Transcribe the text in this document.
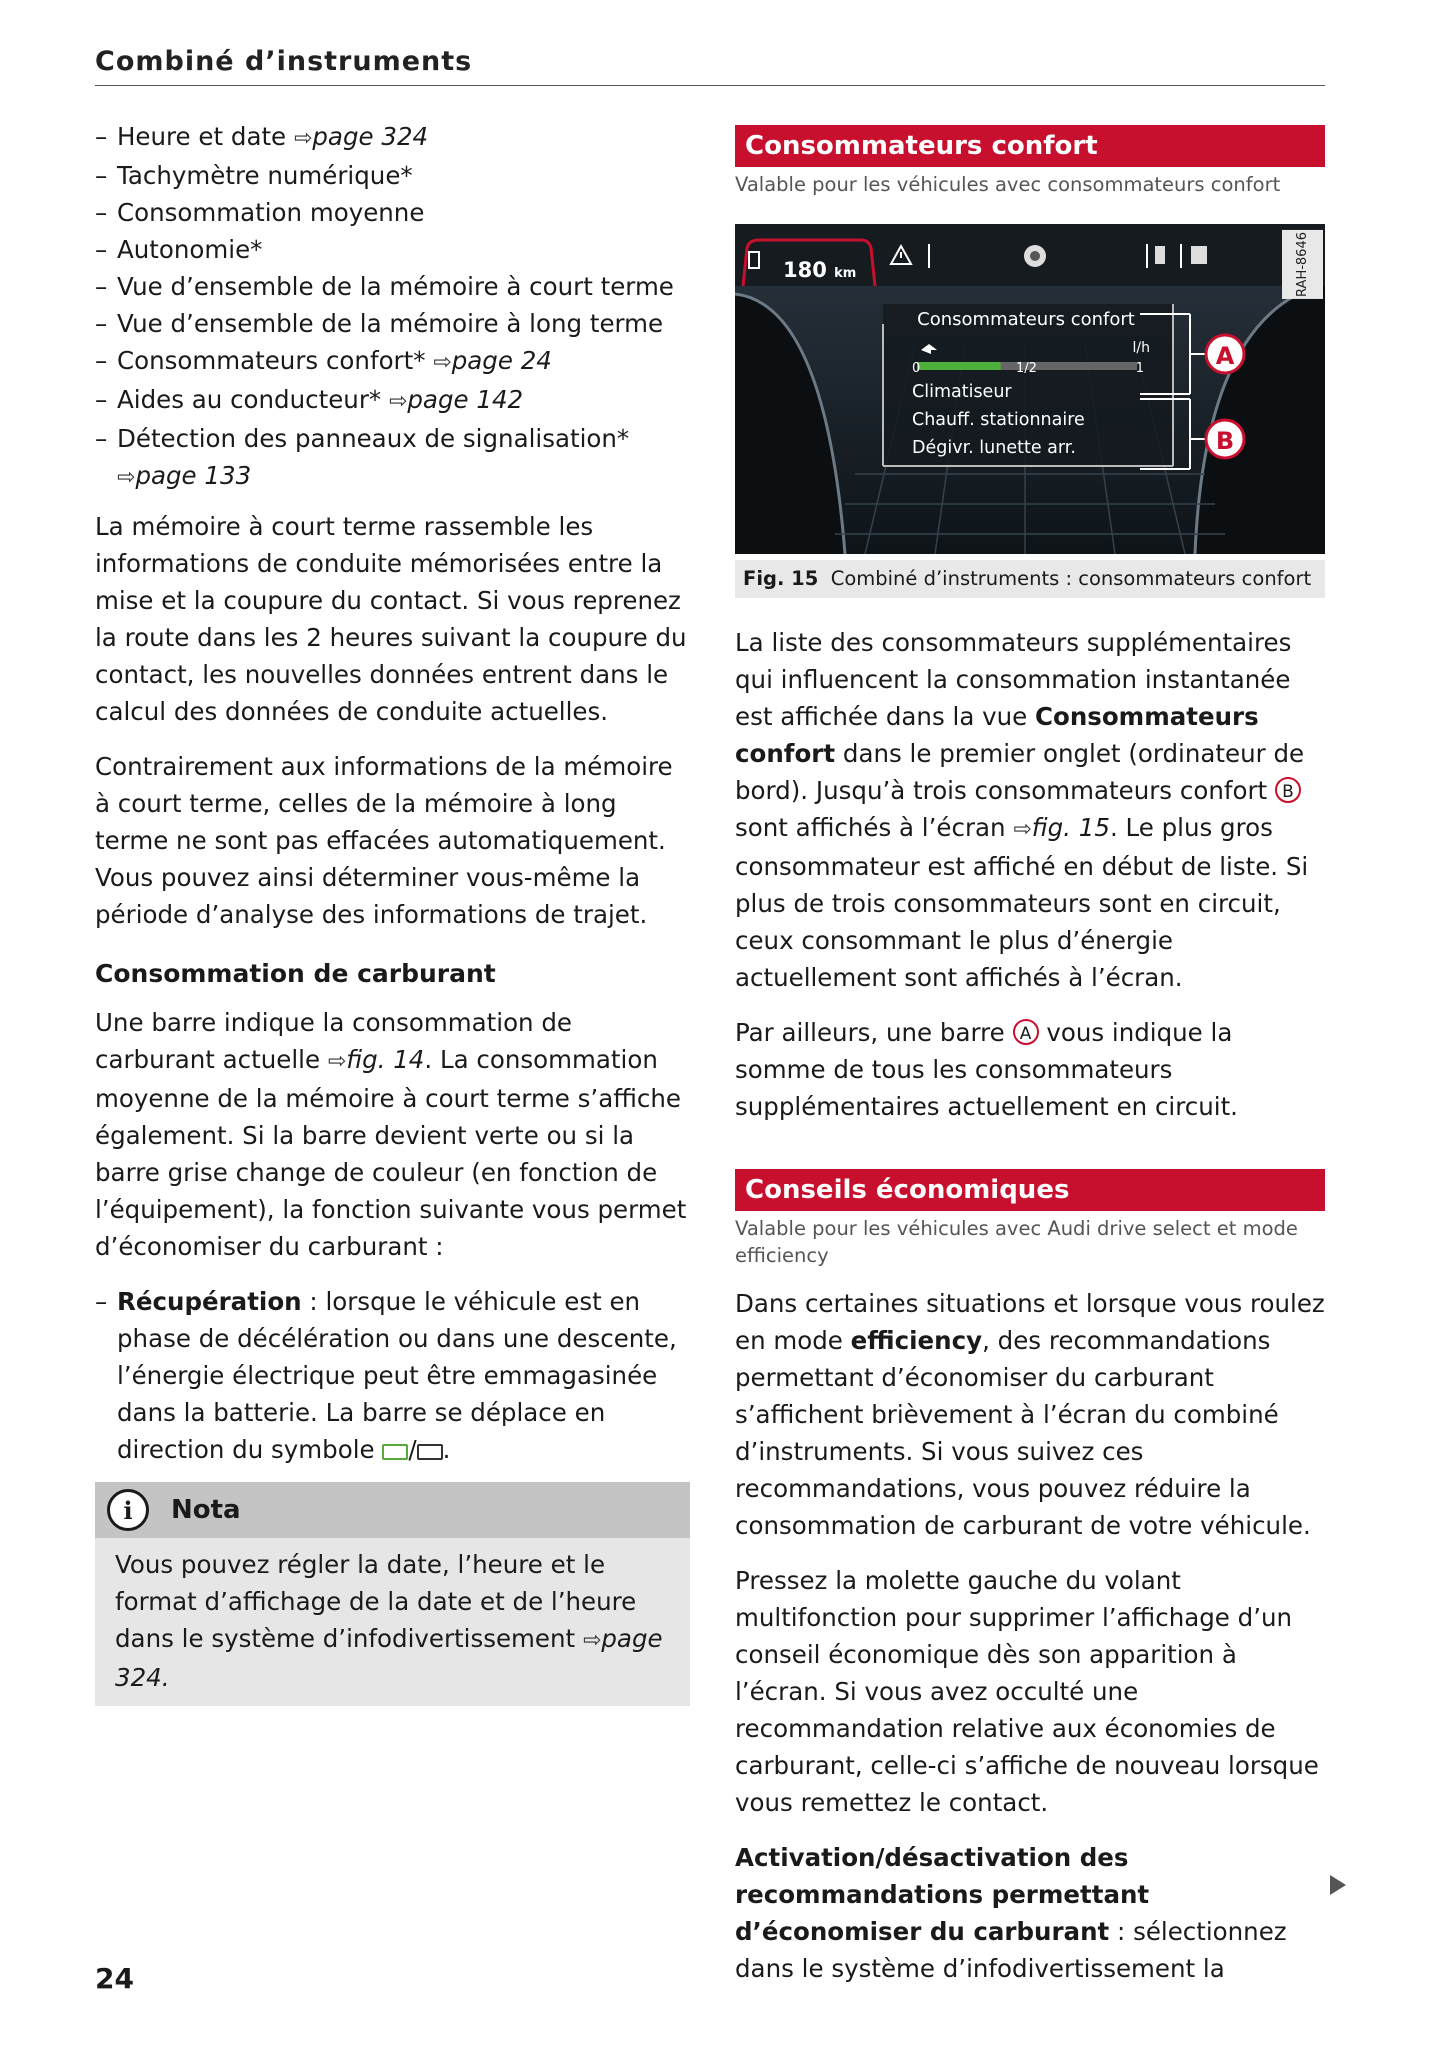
Combiné d’instruments
– Heure et date ⇨page 324
– Tachymètre numérique*
– Consommation moyenne
– Autonomie*
– Vue d’ensemble de la mémoire à court terme
– Vue d’ensemble de la mémoire à long terme
– Consommateurs confort* ⇨page 24
– Aides au conducteur* ⇨page 142
– Détection des panneaux de signalisation* ⇨page 133

La mémoire à court terme rassemble les informations de conduite mémorisées entre la mise et la coupure du contact. Si vous reprenez la route dans les 2 heures suivant la coupure du contact, les nouvelles données entrent dans le calcul des données de conduite actuelles.

Contrairement aux informations de la mémoire à court terme, celles de la mémoire à long terme ne sont pas effacées automatiquement. Vous pouvez ainsi déterminer vous-même la période d’analyse des informations de trajet.

Consommation de carburant

Une barre indique la consommation de carburant actuelle ⇨fig. 14. La consommation moyenne de la mémoire à court terme s’affiche également. Si la barre devient verte ou si la barre grise change de couleur (en fonction de l’équipement), la fonction suivante vous permet d’économiser du carburant :

– Récupération : lorsque le véhicule est en phase de décélération ou dans une descente, l’énergie électrique peut être emmagasinée dans la batterie. La barre se déplace en direction du symbole / .
i	Nota
Vous pouvez régler la date, l’heure et le format d’affichage de la date et de l’heure dans le système d’infodivertissement ⇨page 324.
Consommateurs confort
Valable pour les véhicules avec consommateurs confort
180 km
Consommateurs confort
l/h
0	1/2	1
Climatiseur
Chauff. stationnaire
Dégivr. lunette arr.
A
B
RAH-8646
Fig. 15 Combiné d’instruments : consommateurs confort

La liste des consommateurs supplémentaires qui influencent la consommation instantanée est affichée dans la vue Consommateurs confort dans le premier onglet (ordinateur de bord). Jusqu’à trois consommateurs confort B sont affichés à l’écran ⇨fig. 15. Le plus gros consommateur est affiché en début de liste. Si plus de trois consommateurs sont en circuit, ceux consommant le plus d’énergie actuellement sont affichés à l’écran.

Par ailleurs, une barre A vous indique la somme de tous les consommateurs supplémentaires actuellement en circuit.

Conseils économiques
Valable pour les véhicules avec Audi drive select et mode efficiency

Dans certaines situations et lorsque vous roulez en mode efficiency, des recommandations permettant d’économiser du carburant s’affichent brièvement à l’écran du combiné d’instruments. Si vous suivez ces recommandations, vous pouvez réduire la consommation de carburant de votre véhicule.

Pressez la molette gauche du volant multifonction pour supprimer l’affichage d’un conseil économique dès son apparition à l’écran. Si vous avez occulté une recommandation relative aux économies de carburant, celle-ci s’affiche de nouveau lorsque vous remettez le contact.

Activation/désactivation des recommandations permettant d’économiser du carburant : sélectionnez dans le système d’infodivertissement la

24
